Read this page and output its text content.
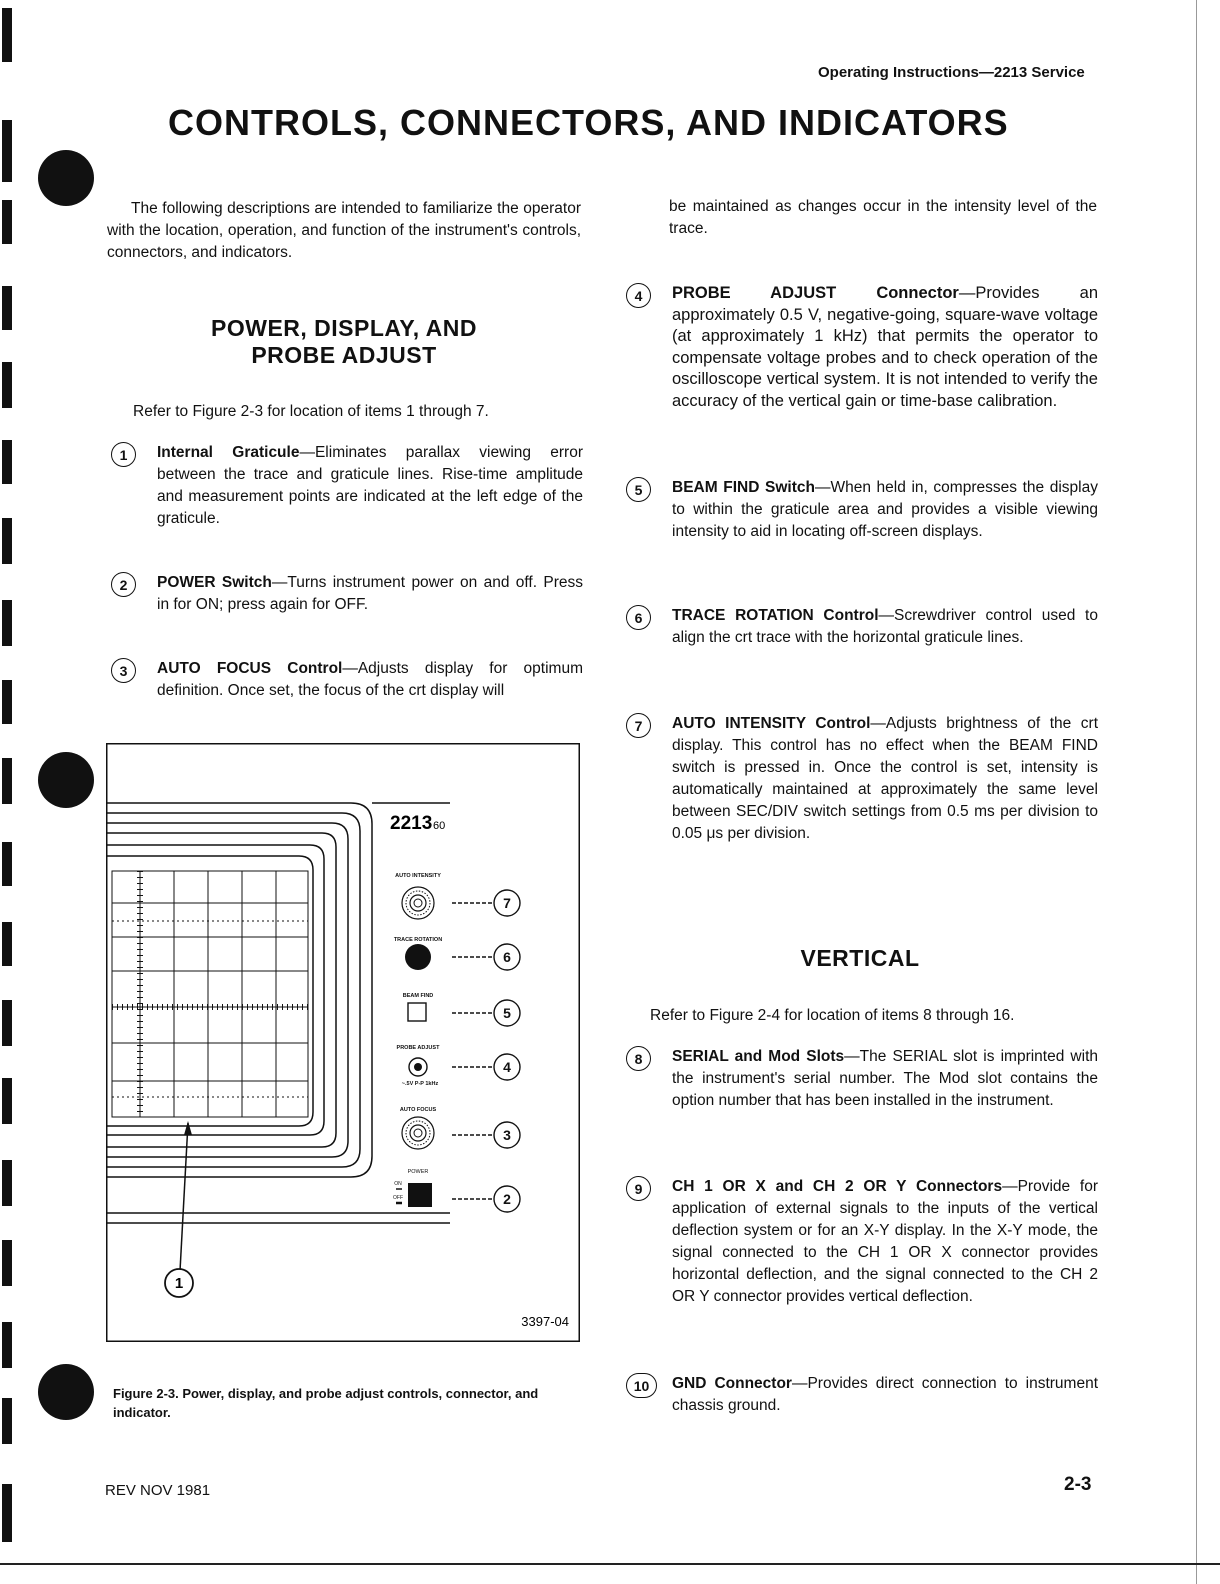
Operating Instructions—2213 Service
CONTROLS, CONNECTORS, AND INDICATORS
The following descriptions are intended to familiarize the operator with the location, operation, and function of the instrument's controls, connectors, and indicators.
POWER, DISPLAY, AND
PROBE ADJUST
Refer to Figure 2-3 for location of items 1 through 7.
1	Internal Graticule—Eliminates parallax viewing error between the trace and graticule lines. Rise-time amplitude and measurement points are indicated at the left edge of the graticule.
2	POWER Switch—Turns instrument power on and off. Press in for ON; press again for OFF.
3	AUTO FOCUS Control—Adjusts display for optimum definition. Once set, the focus of the crt display will
1
2213 60
AUTO INTENSITY
TRACE ROTATION
BEAM FIND
PROBE ADJUST
~.5V P-P 1kHz
AUTO FOCUS
POWER
ON
OFF
7
6
5
4
3
2
3397-04
Figure 2-3. Power, display, and probe adjust controls, connector, and indicator.
be maintained as changes occur in the intensity level of the trace.
4	PROBE ADJUST Connector—Provides an approximately 0.5 V, negative-going, square-wave voltage (at approximately 1 kHz) that permits the operator to compensate voltage probes and to check operation of the oscilloscope vertical system. It is not intended to verify the accuracy of the vertical gain or time-base calibration.
5	BEAM FIND Switch—When held in, compresses the display to within the graticule area and provides a visible viewing intensity to aid in locating off-screen displays.
6	TRACE ROTATION Control—Screwdriver control used to align the crt trace with the horizontal graticule lines.
7	AUTO INTENSITY Control—Adjusts brightness of the crt display. This control has no effect when the BEAM FIND switch is pressed in. Once the control is set, intensity is automatically maintained at approximately the same level between SEC/DIV switch settings from 0.5 ms per division to 0.05 μs per division.
VERTICAL
Refer to Figure 2-4 for location of items 8 through 16.
8	SERIAL and Mod Slots—The SERIAL slot is imprinted with the instrument's serial number. The Mod slot contains the option number that has been installed in the instrument.
9	CH 1 OR X and CH 2 OR Y Connectors—Provide for application of external signals to the inputs of the vertical deflection system or for an X-Y display. In the X-Y mode, the signal connected to the CH 1 OR X connector provides horizontal deflection, and the signal connected to the CH 2 OR Y connector provides vertical deflection.
10	GND Connector—Provides direct connection to instrument chassis ground.
REV NOV 1981	2-3
